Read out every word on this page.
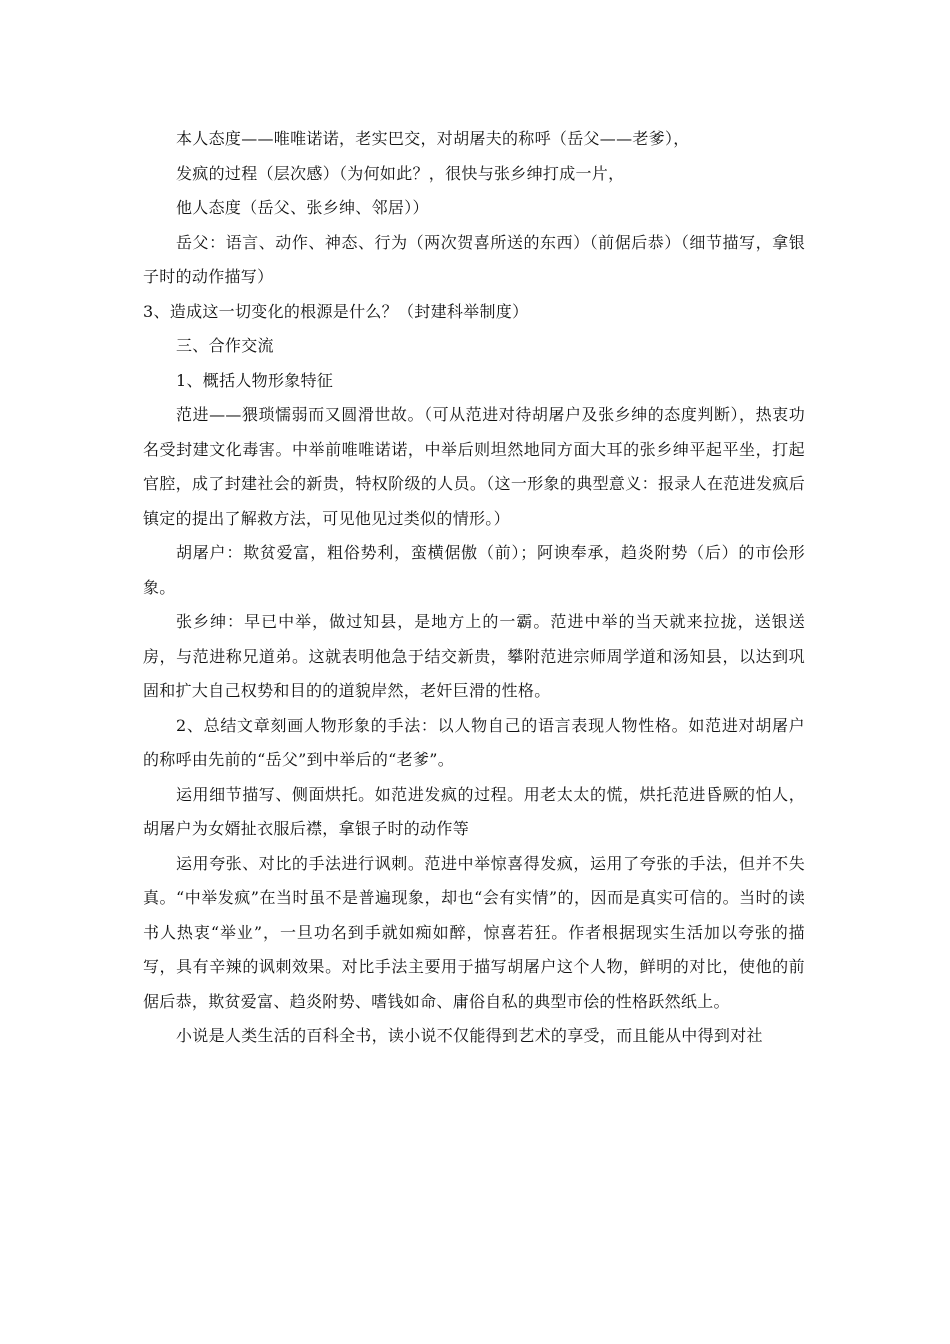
本人态度——唯唯诺诺，老实巴交，对胡屠夫的称呼（岳父——老爹），

发疯的过程（层次感）（为何如此？，很快与张乡绅打成一片，

他人态度（岳父、张乡绅、邻居））

岳父：语言、动作、神态、行为（两次贺喜所送的东西）（前倨后恭）（细节描写，拿银子时的动作描写）

3、造成这一切变化的根源是什么？（封建科举制度）

三、合作交流

1、概括人物形象特征

范进——猥琐懦弱而又圆滑世故。（可从范进对待胡屠户及张乡绅的态度判断），热衷功名受封建文化毒害。中举前唯唯诺诺，中举后则坦然地同方面大耳的张乡绅平起平坐，打起官腔，成了封建社会的新贵，特权阶级的人员。（这一形象的典型意义：报录人在范进发疯后镇定的提出了解救方法，可见他见过类似的情形。）

胡屠户：欺贫爱富，粗俗势利，蛮横倨傲（前）；阿谀奉承，趋炎附势（后）的市侩形象。

张乡绅：早已中举，做过知县，是地方上的一霸。范进中举的当天就来拉拢，送银送房，与范进称兄道弟。这就表明他急于结交新贵，攀附范进宗师周学道和汤知县，以达到巩固和扩大自己权势和目的的道貌岸然，老奸巨滑的性格。

2、总结文章刻画人物形象的手法：以人物自己的语言表现人物性格。如范进对胡屠户的称呼由先前的“岳父”到中举后的“老爹”。

运用细节描写、侧面烘托。如范进发疯的过程。用老太太的慌，烘托范进昏厥的怕人，胡屠户为女婿扯衣服后襟，拿银子时的动作等

运用夸张、对比的手法进行讽刺。范进中举惊喜得发疯，运用了夸张的手法，但并不失真。“中举发疯”在当时虽不是普遍现象，却也“会有实情”的，因而是真实可信的。当时的读书人热衷“举业”，一旦功名到手就如痴如醉，惊喜若狂。作者根据现实生活加以夸张的描写，具有辛辣的讽刺效果。对比手法主要用于描写胡屠户这个人物，鲜明的对比，使他的前倨后恭，欺贫爱富、趋炎附势、嗜钱如命、庸俗自私的典型市侩的性格跃然纸上。

小说是人类生活的百科全书，读小说不仅能得到艺术的享受，而且能从中得到对社
